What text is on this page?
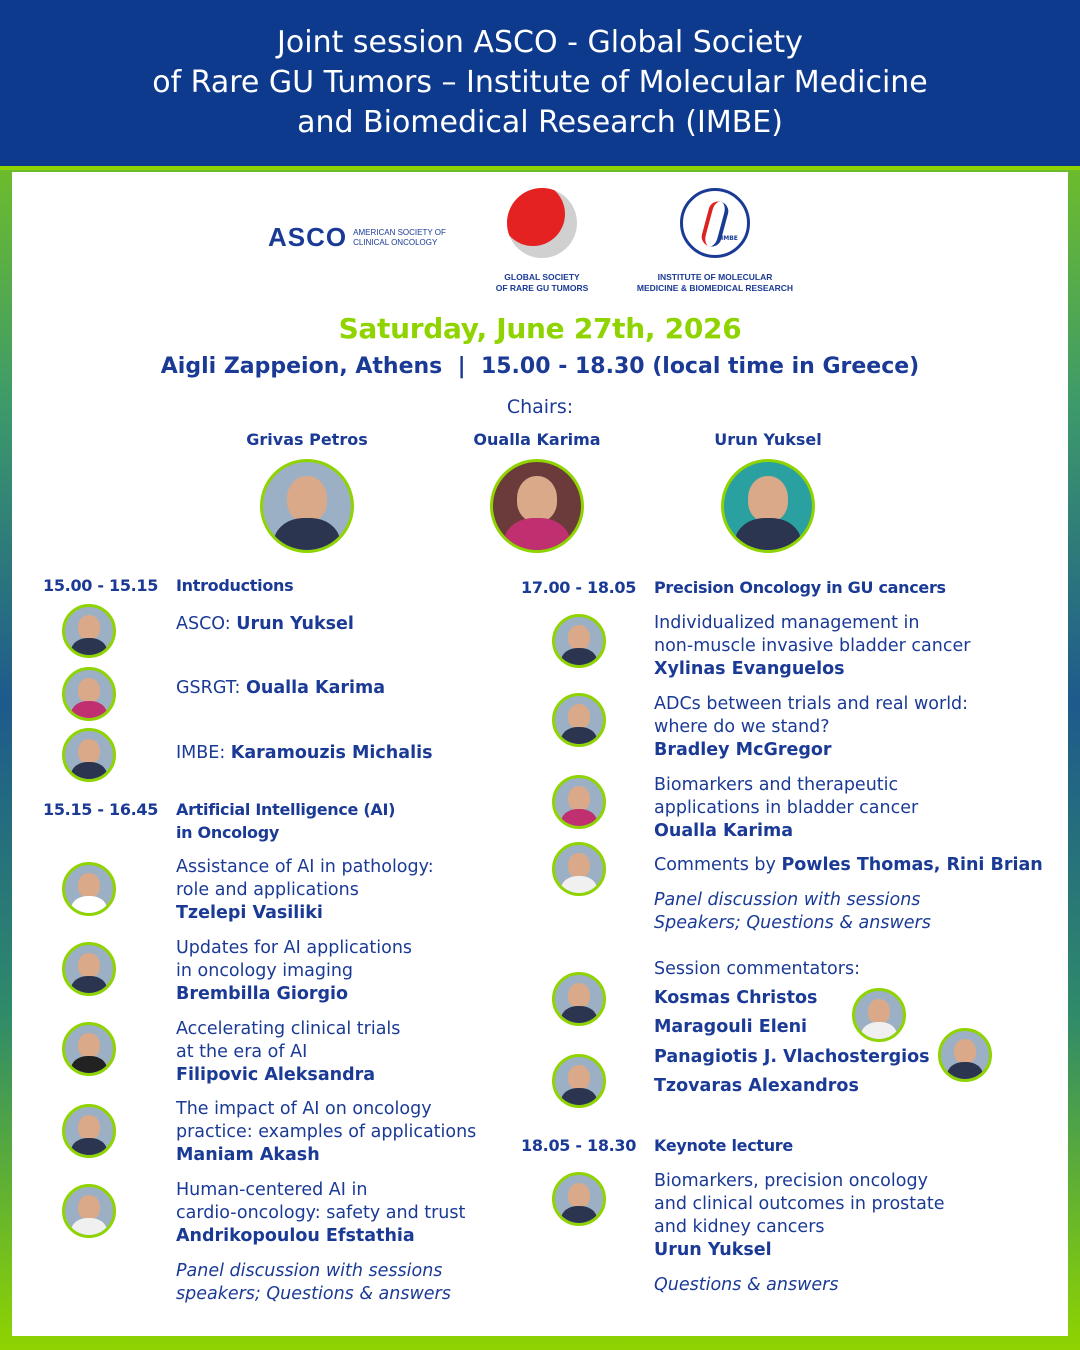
Joint session ASCO - Global Society
of Rare GU Tumors – Institute of Molecular Medicine
and Biomedical Research (IMBE)
ASCO AMERICAN SOCIETY OF CLINICAL ONCOLOGY
GLOBAL SOCIETY
OF RARE GU TUMORS
IMBE
INSTITUTE OF MOLECULAR
MEDICINE & BIOMEDICAL RESEARCH
Saturday, June 27th, 2026
Aigli Zappeion, Athens  |  15.00 - 18.30 (local time in Greece)
Chairs:
Grivas Petros	Oualla Karima	Urun Yuksel
15.00 - 15.15 Introductions
ASCO: Urun Yuksel
GSRGT: Oualla Karima
IMBE: Karamouzis Michalis
15.15 - 16.45 Artificial Intelligence (AI)
in Oncology
Assistance of AI in pathology:
role and applications
Tzelepi Vasiliki
Updates for AI applications
in oncology imaging
Brembilla Giorgio
Accelerating clinical trials
at the era of AI
Filipovic Aleksandra
The impact of AI on oncology
practice: examples of applications
Maniam Akash
Human-centered AI in
cardio-oncology: safety and trust
Andrikopoulou Efstathia
Panel discussion with sessions
speakers; Questions & answers
17.00 - 18.05 Precision Oncology in GU cancers
Individualized management in
non-muscle invasive bladder cancer
Xylinas Evanguelos
ADCs between trials and real world:
where do we stand?
Bradley McGregor
Biomarkers and therapeutic
applications in bladder cancer
Oualla Karima
Comments by Powles Thomas, Rini Brian
Panel discussion with sessions
Speakers; Questions & answers
Session commentators:
Kosmas Christos
Maragouli Eleni
Panagiotis J. Vlachostergios
Tzovaras Alexandros
18.05 - 18.30 Keynote lecture
Biomarkers, precision oncology
and clinical outcomes in prostate
and kidney cancers
Urun Yuksel
Questions & answers
